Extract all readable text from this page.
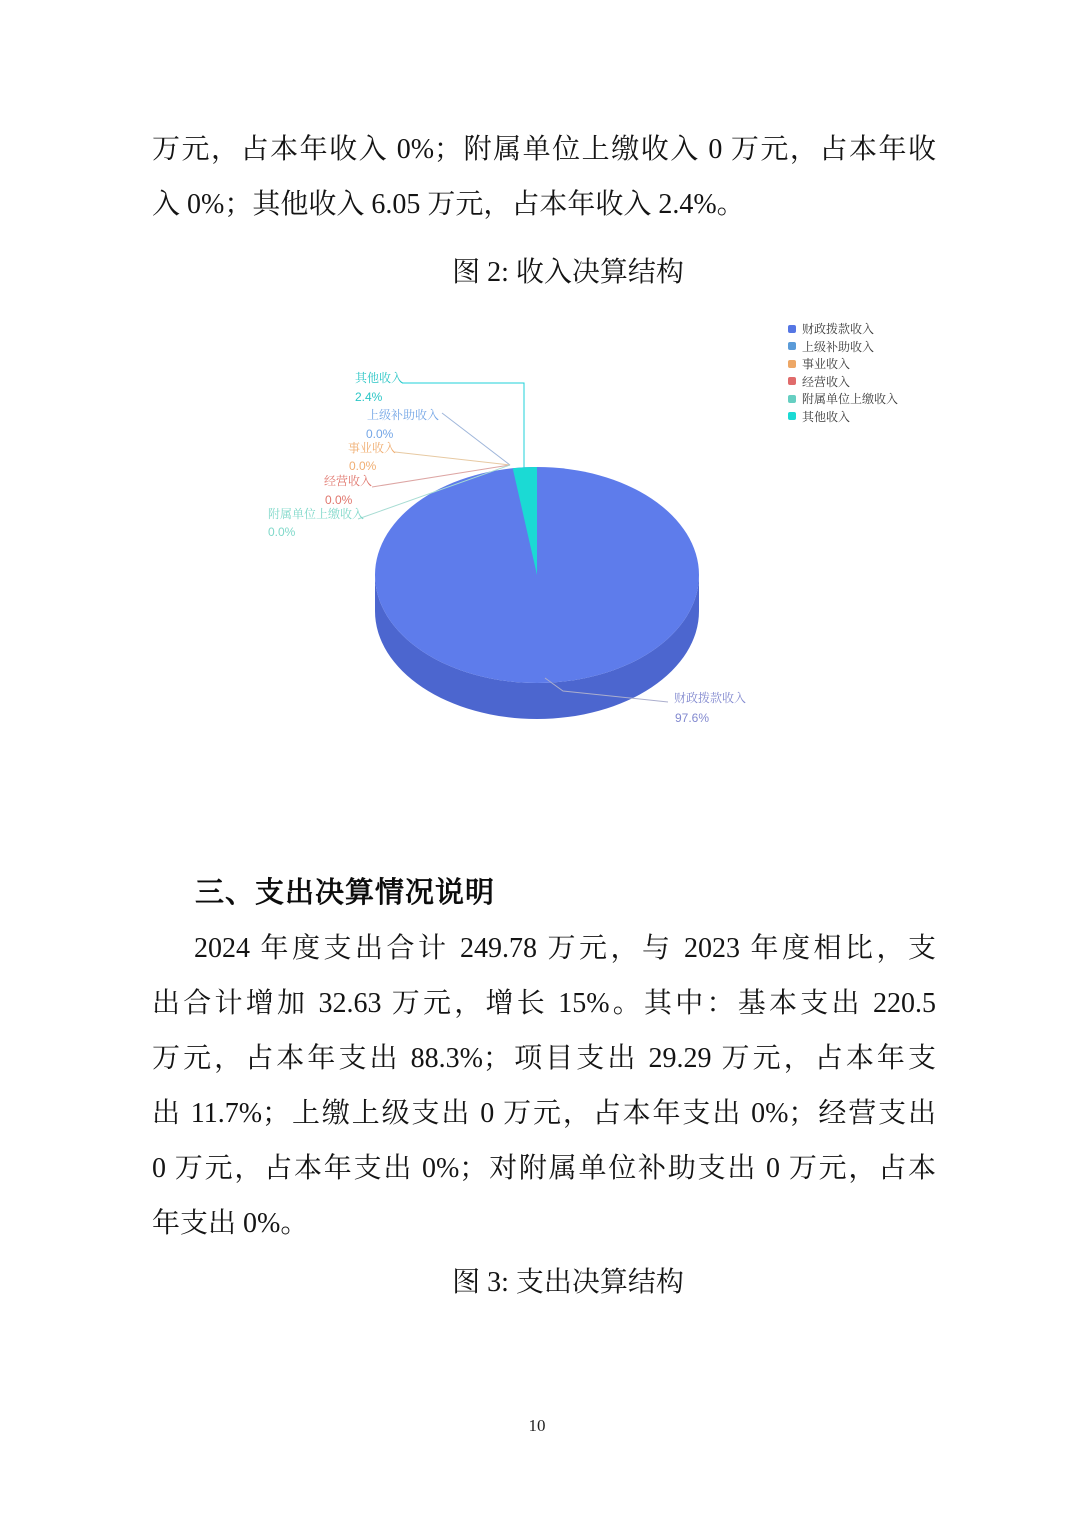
万元，占本年收入 0%；附属单位上缴收入 0 万元，占本年收
入 0%；其他收入 6.05 万元，占本年收入 2.4%。
图 2: 收入决算结构
其他收入
2.4%
上级补助收入
0.0%
事业收入
0.0%
经营收入
0.0%
附属单位上缴收入
0.0%
财政拨款收入
97.6%
财政拨款收入
上级补助收入
事业收入
经营收入
附属单位上缴收入
其他收入
三、支出决算情况说明
2024 年度支出合计 249.78 万元，与 2023 年度相比，支
出合计增加 32.63 万元，增长 15%。其中：基本支出 220.5
万元，占本年支出 88.3%；项目支出 29.29 万元，占本年支
出 11.7%；上缴上级支出 0 万元，占本年支出 0%；经营支出
0 万元，占本年支出 0%；对附属单位补助支出 0 万元，占本
年支出 0%。
图 3: 支出决算结构
10
